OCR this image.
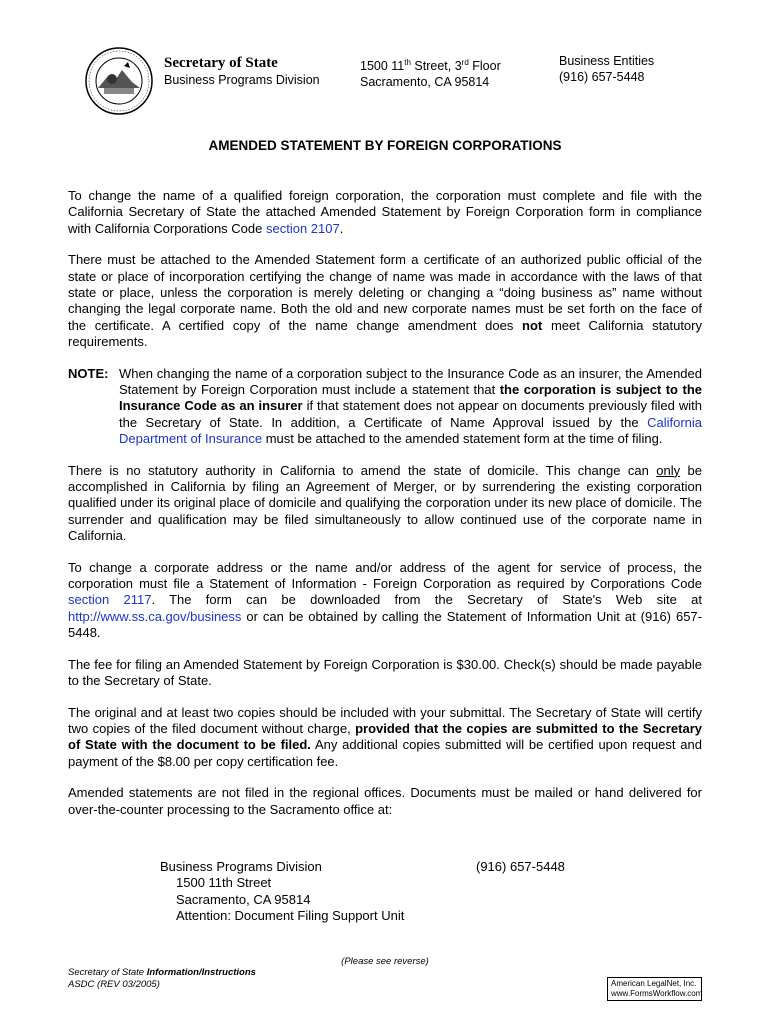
Secretary of State
Business Programs Division
1500 11th Street, 3rd Floor
Sacramento, CA 95814
Business Entities
(916) 657-5448
AMENDED STATEMENT BY FOREIGN CORPORATIONS

To change the name of a qualified foreign corporation, the corporation must complete and file with the California Secretary of State the attached Amended Statement by Foreign Corporation form in compliance with California Corporations Code section 2107.

There must be attached to the Amended Statement form a certificate of an authorized public official of the state or place of incorporation certifying the change of name was made in accordance with the laws of that state or place, unless the corporation is merely deleting or changing a “doing business as” name without changing the legal corporate name. Both the old and new corporate names must be set forth on the face of the certificate. A certified copy of the name change amendment does not meet California statutory requirements.

NOTE: When changing the name of a corporation subject to the Insurance Code as an insurer, the Amended Statement by Foreign Corporation must include a statement that the corporation is subject to the Insurance Code as an insurer if that statement does not appear on documents previously filed with the Secretary of State. In addition, a Certificate of Name Approval issued by the California Department of Insurance must be attached to the amended statement form at the time of filing.

There is no statutory authority in California to amend the state of domicile. This change can only be accomplished in California by filing an Agreement of Merger, or by surrendering the existing corporation qualified under its original place of domicile and qualifying the corporation under its new place of domicile. The surrender and qualification may be filed simultaneously to allow continued use of the corporate name in California.

To change a corporate address or the name and/or address of the agent for service of process, the corporation must file a Statement of Information - Foreign Corporation as required by Corporations Code section 2117. The form can be downloaded from the Secretary of State's Web site at http://www.ss.ca.gov/business or can be obtained by calling the Statement of Information Unit at (916) 657-5448.

The fee for filing an Amended Statement by Foreign Corporation is $30.00. Check(s) should be made payable to the Secretary of State.

The original and at least two copies should be included with your submittal. The Secretary of State will certify two copies of the filed document without charge, provided that the copies are submitted to the Secretary of State with the document to be filed. Any additional copies submitted will be certified upon request and payment of the $8.00 per copy certification fee.

Amended statements are not filed in the regional offices. Documents must be mailed or hand delivered for over-the-counter processing to the Sacramento office at:

Business Programs Division
1500 11th Street
Sacramento, CA 95814
Attention: Document Filing Support Unit
(916) 657-5448
(Please see reverse)
Secretary of State Information/Instructions
ASDC (REV 03/2005)	American LegalNet, Inc.
www.FormsWorkflow.com
